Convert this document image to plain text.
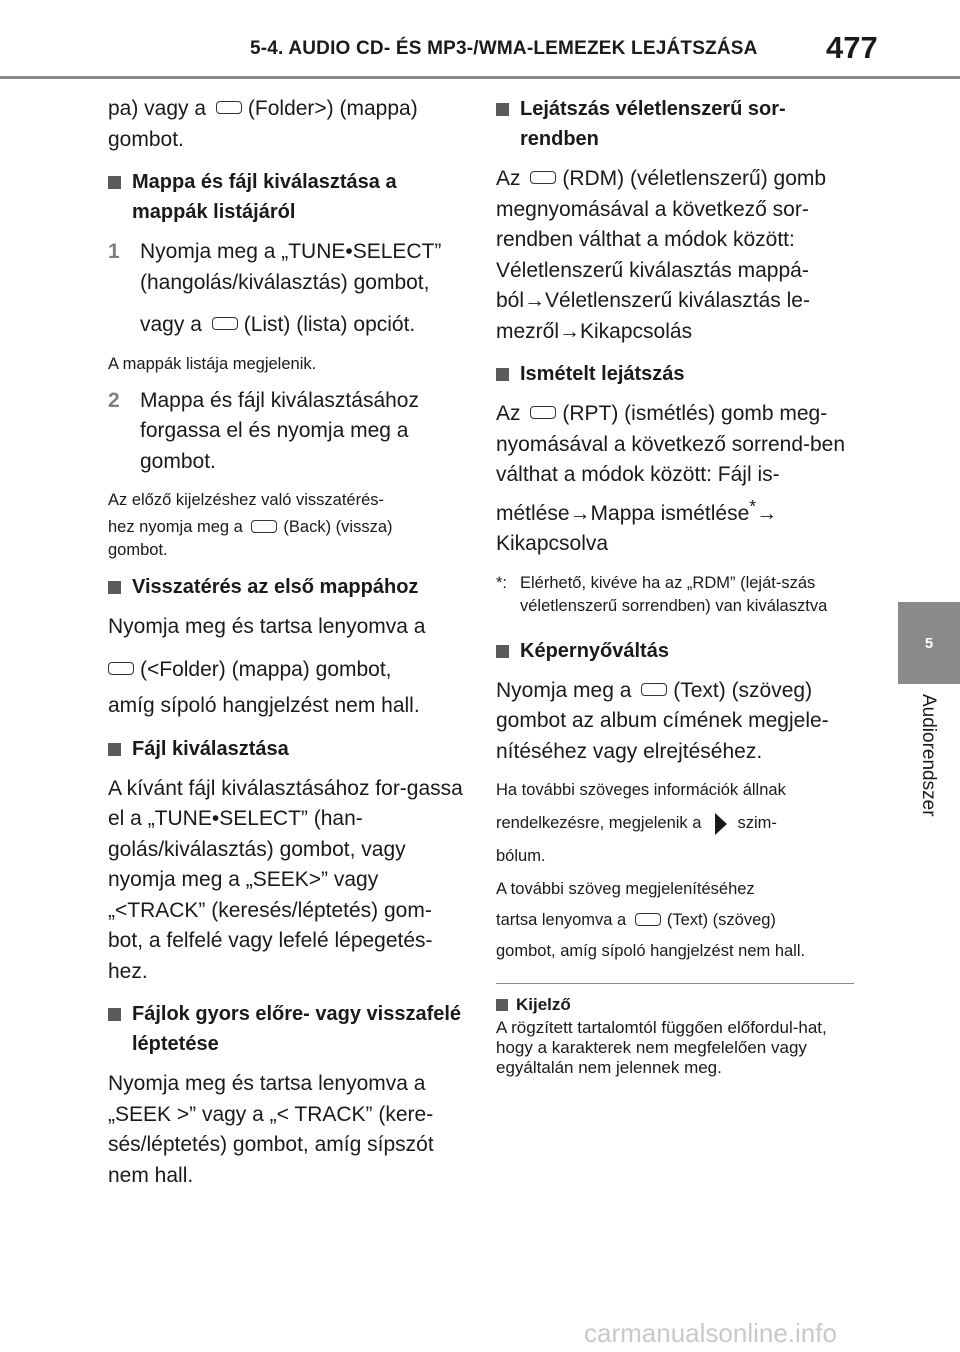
5-4. AUDIO CD- ÉS MP3-/WMA-LEMEZEK LEJÁTSZÁSA	477
5
Audiorendszer

pa) vagy a (Folder>) (mappa)

gombot.

Mappa és fájl kiválasztása a mappák listájáról
1 Nyomja meg a „TUNE•SELECT” (hangolás/kiválasztás) gombot,
vagy a (List) (lista) opciót.

A mappák listája megjelenik.

2 Mappa és fájl kiválasztásához forgassa el és nyomja meg a gombot.

Az előző kijelzéshez való visszatérés-

hez nyomja meg a (Back) (vissza)

gombot.

Visszatérés az első mappához

Nyomja meg és tartsa lenyomva a

(<Folder) (mappa) gombot,

amíg sípoló hangjelzést nem hall.

Fájl kiválasztása

A kívánt fájl kiválasztásához for-gassa el a „TUNE•SELECT” (han-golás/kiválasztás) gombot, vagy nyomja meg a „SEEK>” vagy „<TRACK” (keresés/léptetés) gom-bot, a felfelé vagy lefelé lépegetés-hez.

Fájlok gyors előre- vagy visszafelé léptetése

Nyomja meg és tartsa lenyomva a „SEEK >” vagy a „< TRACK” (kere-sés/léptetés) gombot, amíg sípszót nem hall.

Lejátszás véletlenszerű sor-rendben

Az (RDM) (véletlenszerű) gomb

megnyomásával a következő sor-rendben válthat a módok között: Véletlenszerű kiválasztás mappá-ból→Véletlenszerű kiválasztás le-mezről→Kikapcsolás

Ismételt lejátszás

Az (RPT) (ismétlés) gomb meg-

nyomásával a következő sorrend-ben válthat a módok között: Fájl is-métlése→Mappa ismétlése*→ Kikapcsolva

*: Elérhető, kivéve ha az „RDM” (leját-szás véletlenszerű sorrendben) van kiválasztva
Képernyőváltás

Nyomja meg a (Text) (szöveg)

gombot az album címének megjele-nítéséhez vagy elrejtéséhez.

Ha további szöveges információk állnak

rendelkezésre, megjelenik a szim-

bólum.

A további szöveg megjelenítéséhez

tartsa lenyomva a (Text) (szöveg)

gombot, amíg sípoló hangjelzést nem hall.

Kijelző

A rögzített tartalomtól függően előfordul-hat, hogy a karakterek nem megfelelően vagy egyáltalán nem jelennek meg.

carmanualsonline.info
